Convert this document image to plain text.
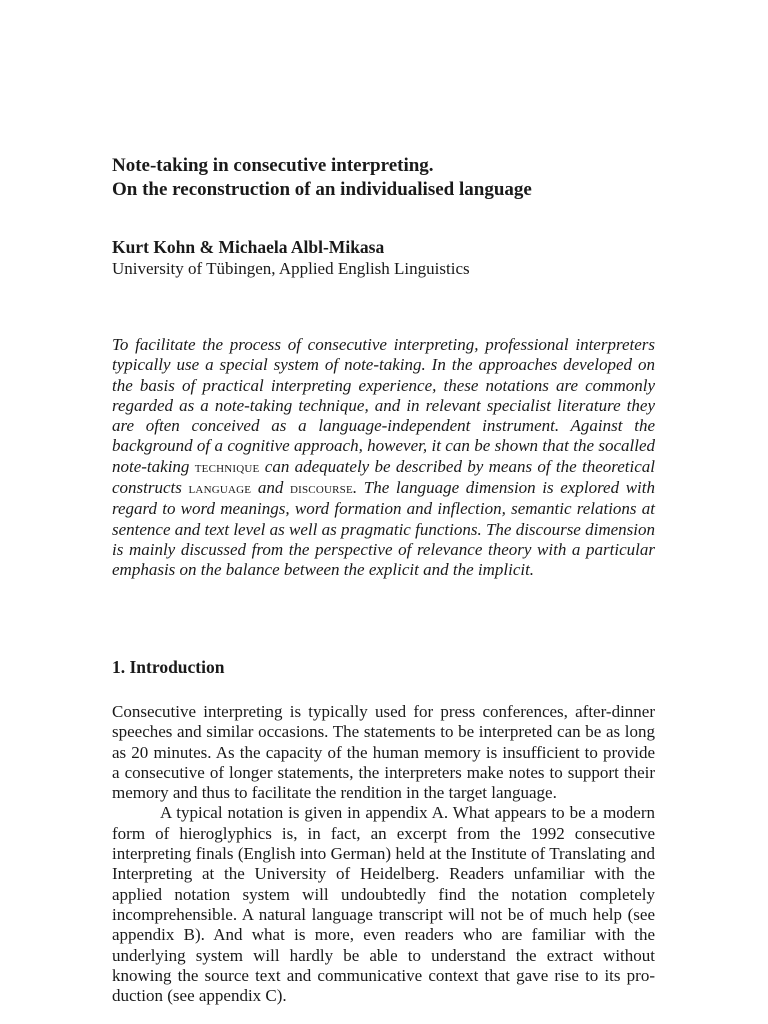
Note-taking in consecutive interpreting.
On the reconstruction of an individualised language
Kurt Kohn & Michaela Albl-Mikasa
University of Tübingen, Applied English Linguistics
To facilitate the process of consecutive interpreting, professional interpreters typically use a special system of note-taking. In the approaches developed on the basis of practical interpreting experience, these notations are commonly regarded as a note-taking technique, and in relevant specialist literature they are often conceived as a language-independent instrument. Against the background of a cognitive approach, however, it can be shown that the socalled note-taking technique can adequately be described by means of the theoretical constructs language and discourse. The language dimension is explored with regard to word meanings, word formation and inflection, semantic relations at sentence and text level as well as pragmatic functions. The discourse dimension is mainly discussed from the perspective of relevance theory with a particular emphasis on the balance between the explicit and the implicit.
1. Introduction

Consecutive interpreting is typically used for press conferences, after-dinner speeches and similar occasions. The statements to be interpreted can be as long as 20 minutes. As the capacity of the human memory is insufficient to provide a consecutive of longer statements, the interpreters make notes to support their memory and thus to facilitate the rendition in the target language.

A typical notation is given in appendix A. What appears to be a modern form of hieroglyphics is, in fact, an excerpt from the 1992 consecutive interpreting finals (English into German) held at the Institute of Translating and Interpreting at the University of Heidelberg. Readers unfamiliar with the applied notation system will undoubtedly find the notation completely incomprehensible. A natural language transcript will not be of much help (see appendix B). And what is more, even readers who are familiar with the underlying system will hardly be able to understand the extract without knowing the source text and communicative context that gave rise to its production (see appendix C).
